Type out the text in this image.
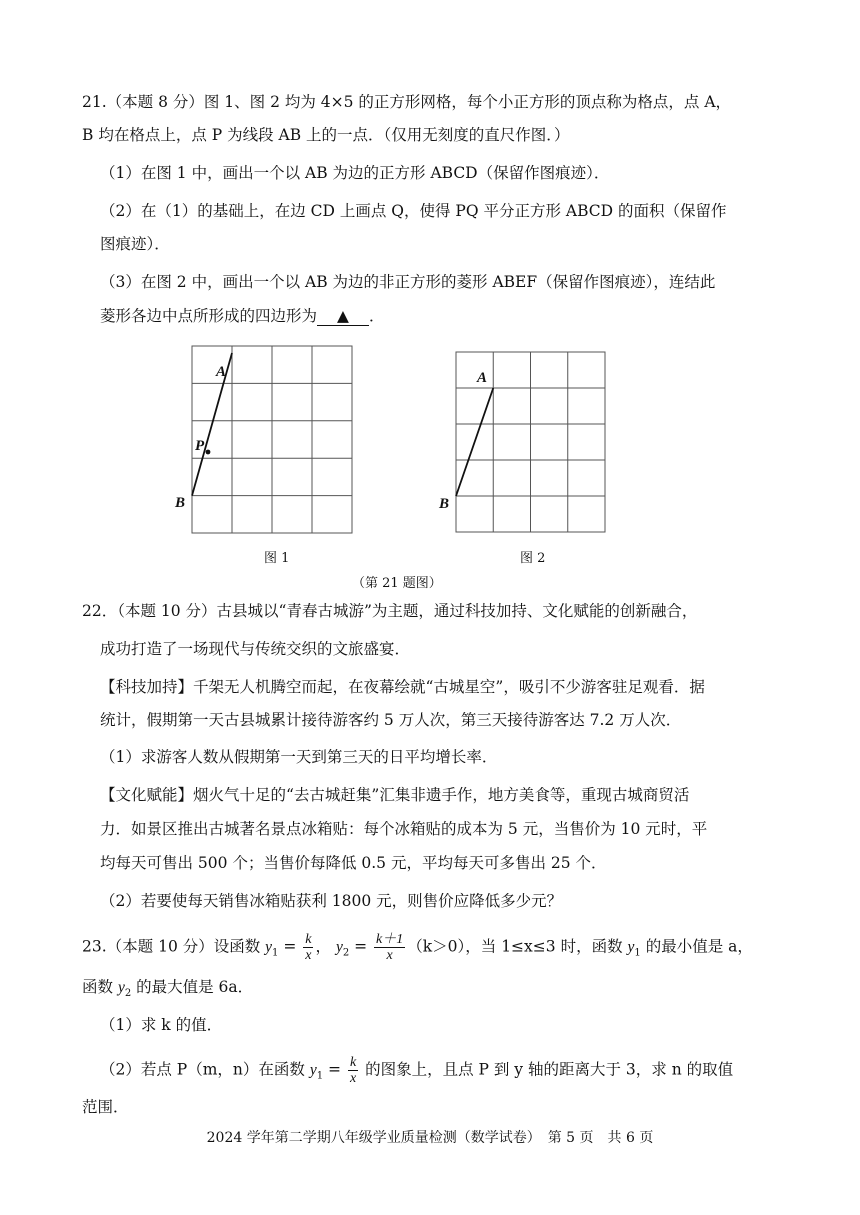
21.（本题 8 分）图 1、图 2 均为 4×5 的正方形网格，每个小正方形的顶点称为格点，点 A，
B 均在格点上，点 P 为线段 AB 上的一点．（仅用无刻度的直尺作图．）
（1）在图 1 中，画出一个以 AB 为边的正方形 ABCD（保留作图痕迹）．
（2）在（1）的基础上，在边 CD 上画点 Q，使得 PQ 平分正方形 ABCD 的面积（保留作
图痕迹）．
（3）在图 2 中，画出一个以 AB 为边的非正方形的菱形 ABEF（保留作图痕迹），连结此
菱形各边中点所形成的四边形为 ▲ ．
A
P
B
A
B
图 1	图 2
（第 21 题图）
22．（本题 10 分）古县城以“青春古城游”为主题，通过科技加持、文化赋能的创新融合，
成功打造了一场现代与传统交织的文旅盛宴．
【科技加持】千架无人机腾空而起，在夜幕绘就“古城星空”，吸引不少游客驻足观看．据
统计，假期第一天古县城累计接待游客约 5 万人次，第三天接待游客达 7.2 万人次．
（1）求游客人数从假期第一天到第三天的日平均增长率．
【文化赋能】烟火气十足的“去古城赶集”汇集非遗手作，地方美食等，重现古城商贸活
力．如景区推出古城著名景点冰箱贴：每个冰箱贴的成本为 5 元，当售价为 10 元时，平
均每天可售出 500 个；当售价每降低 0.5 元，平均每天可多售出 25 个．
（2）若要使每天销售冰箱贴获利 1800 元，则售价应降低多少元？
23.（本题 10 分）设函数 $y_1 = \frac{k}{x}$ ， $y_2 = \frac{k+1}{x} (k>0)$，当 1≤x≤3 时，函数 $y_1$ 的最小值是 a，
函数 $y_2$ 的最大值是 6a．
（1）求 k 的值．
（2）若点 P（m，n）在函数 $y_1 = \frac{k}{x}$ 的图象上，且点 P 到 y 轴的距离大于 3，求 n 的取值
范围．
2024 学年第二学期八年级学业质量检测（数学试卷）　第 5 页　共 6 页
